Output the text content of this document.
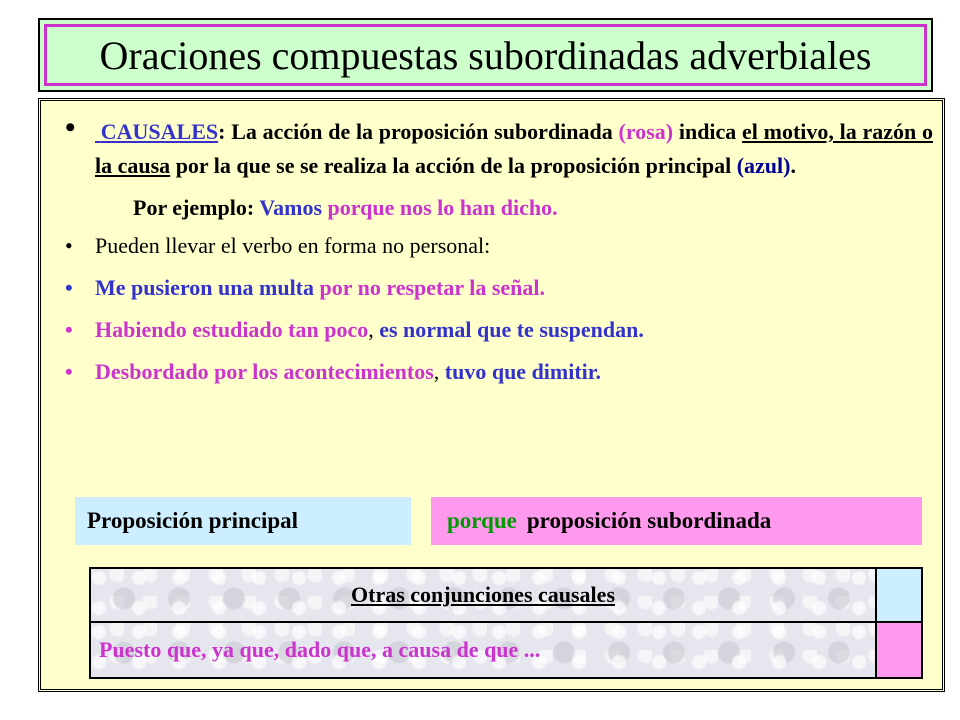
Oraciones compuestas subordinadas adverbiales
• CAUSALES: La acción de la proposición subordinada (rosa) indica el motivo, la razón o la causa por la que se se realiza la acción de la proposición principal (azul).
Por ejemplo: Vamos porque nos lo han dicho.
• Pueden llevar el verbo en forma no personal:
• Me pusieron una multa por no respetar la señal.
• Habiendo estudiado tan poco, es normal que te suspendan.
• Desbordado por los acontecimientos, tuvo que dimitir.
Proposición principal	porque proposición subordinada
Otras conjunciones causales
Puesto que, ya que, dado que, a causa de que ...
